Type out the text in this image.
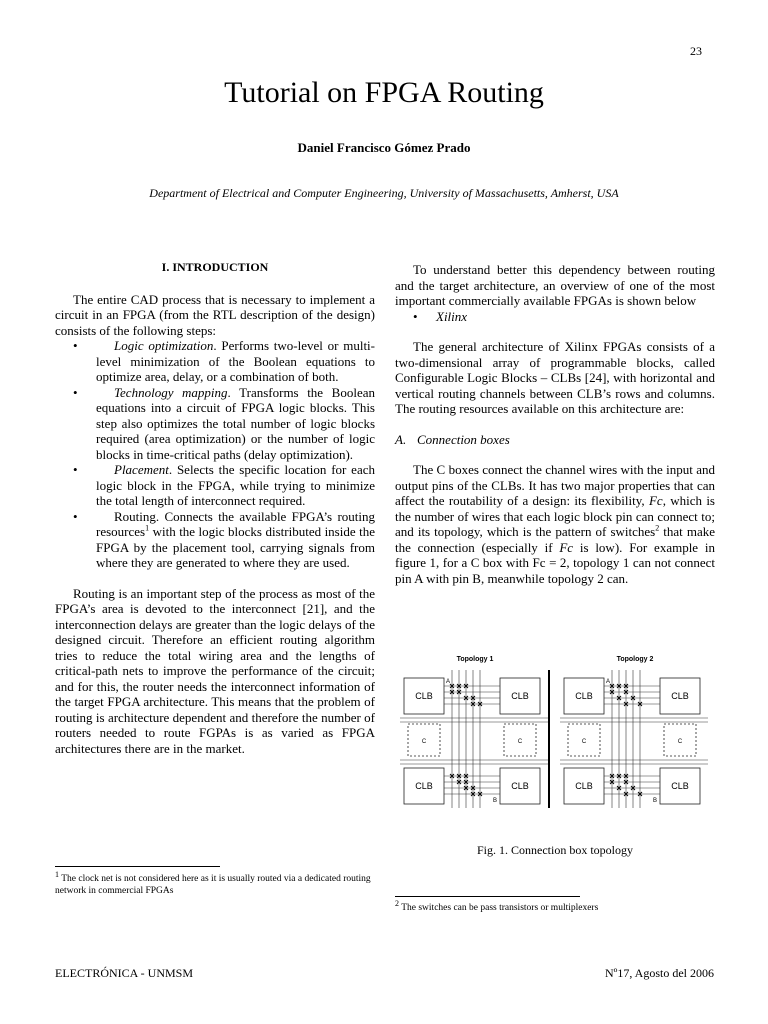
23
Tutorial on FPGA Routing
Daniel Francisco Gómez Prado
Department of Electrical and Computer Engineering, University of Massachusetts, Amherst, USA
I. INTRODUCTION

The entire CAD process that is necessary to implement a circuit in an FPGA (from the RTL description of the design) consists of the following steps:

•	Logic optimization. Performs two-level or multi-level minimization of the Boolean equations to optimize area, delay, or a combination of both.
•	Technology mapping. Transforms the Boolean equations into a circuit of FPGA logic blocks. This step also optimizes the total number of logic blocks required (area optimization) or the number of logic blocks in time-critical paths (delay optimization).
•	Placement. Selects the specific location for each logic block in the FPGA, while trying to minimize the total length of interconnect required.
•	Routing. Connects the available FPGA’s routing resources$^1$ with the logic blocks distributed inside the FPGA by the placement tool, carrying signals from where they are generated to where they are used.

Routing is an important step of the process as most of the FPGA’s area is devoted to the interconnect [21], and the interconnection delays are greater than the logic delays of the designed circuit. Therefore an efficient routing algorithm tries to reduce the total wiring area and the lengths of critical-path nets to improve the performance of the circuit; and for this, the router needs the interconnect information of the target FPGA architecture. This means that the problem of routing is architecture dependent and therefore the number of routers needed to route FGPAs is as varied as FPGA architectures there are in the market.

To understand better this dependency between routing and the target architecture, an overview of one of the most important commercially available FPGAs is shown below

• Xilinx

The general architecture of Xilinx FPGAs consists of a two-dimensional array of programmable blocks, called Configurable Logic Blocks – CLBs [24], with horizontal and vertical routing channels between CLB’s rows and columns. The routing resources available on this architecture are:

A. Connection boxes

The C boxes connect the channel wires with the input and output pins of the CLBs. It has two major properties that can affect the routability of a design: its flexibility, Fc, which is the number of wires that each logic block pin can connect to; and its topology, which is the pattern of switches$^2$ that make the connection (especially if Fc is low). For example in figure 1, for a C box with Fc = 2, topology 1 can not connect pin A with pin B, meanwhile topology 2 can.

Topology 1
CLB	CLB
CLB	CLB
C	C
A
B
Topology 2
CLB	CLB
CLB	CLB
C	C
A
B
Fig. 1. Connection box topology
$^1$ The clock net is not considered here as it is usually routed via a dedicated routing network in commercial FPGAs
$^2$ The switches can be pass transistors or multiplexers
ELECTRÓNICA - UNMSM	Nº17, Agosto del 2006
